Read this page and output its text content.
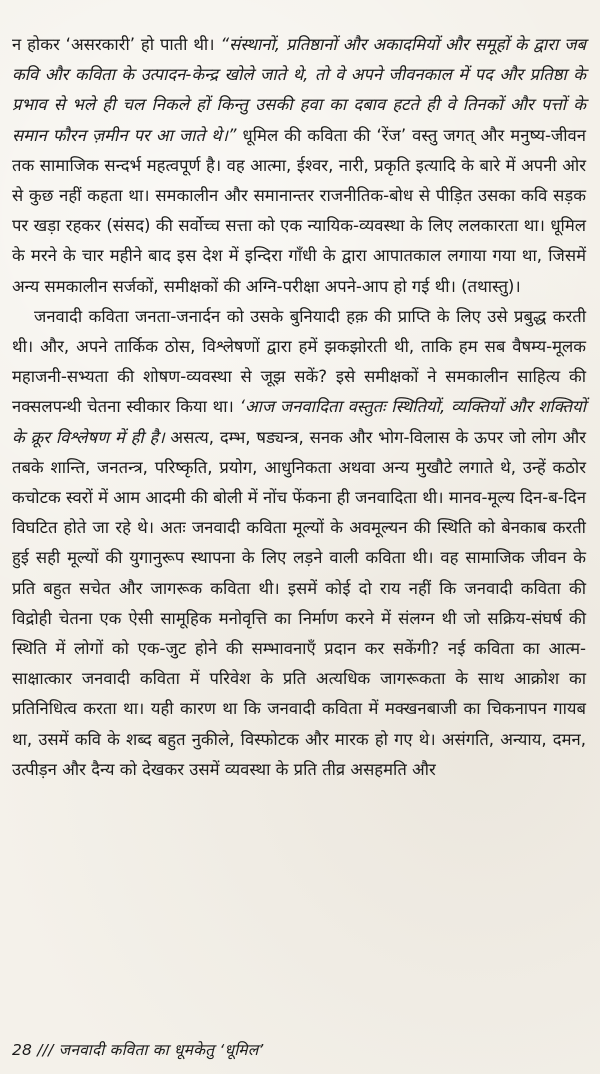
न होकर ‘असरकारी’ हो पाती थी। “संस्थानों, प्रतिष्ठानों और अकादमियों और समूहों के द्वारा जब कवि और कविता के उत्पादन-केन्द्र खोले जाते थे, तो वे अपने जीवनकाल में पद और प्रतिष्ठा के प्रभाव से भले ही चल निकले हों किन्तु उसकी हवा का दबाव हटते ही वे तिनकों और पत्तों के समान फौरन ज़मीन पर आ जाते थे।” धूमिल की कविता की ‘रेंज’ वस्तु जगत् और मनुष्य-जीवन तक सामाजिक सन्दर्भ महत्वपूर्ण है। वह आत्मा, ईश्वर, नारी, प्रकृति इत्यादि के बारे में अपनी ओर से कुछ नहीं कहता था। समकालीन और समानान्तर राजनीतिक-बोध से पीड़ित उसका कवि सड़क पर खड़ा रहकर (संसद) की सर्वोच्च सत्ता को एक न्यायिक-व्यवस्था के लिए ललकारता था। धूमिल के मरने के चार महीने बाद इस देश में इन्दिरा गाँधी के द्वारा आपातकाल लगाया गया था, जिसमें अन्य समकालीन सर्जकों, समीक्षकों की अग्नि-परीक्षा अपने-आप हो गई थी। (तथास्तु)।

जनवादी कविता जनता-जनार्दन को उसके बुनियादी हक़ की प्राप्ति के लिए उसे प्रबुद्ध करती थी। और, अपने तार्किक ठोस, विश्लेषणों द्वारा हमें झकझोरती थी, ताकि हम सब वैषम्य-मूलक महाजनी-सभ्यता की शोषण-व्यवस्था से जूझ सकें? इसे समीक्षकों ने समकालीन साहित्य की नक्सलपन्थी चेतना स्वीकार किया था। ‘आज जनवादिता वस्तुतः स्थितियों, व्यक्तियों और शक्तियों के क्रूर विश्लेषण में ही है। असत्य, दम्भ, षड्यन्त्र, सनक और भोग-विलास के ऊपर जो लोग और तबके शान्ति, जनतन्त्र, परिष्कृति, प्रयोग, आधुनिकता अथवा अन्य मुखौटे लगाते थे, उन्हें कठोर कचोटक स्वरों में आम आदमी की बोली में नोंच फेंकना ही जनवादिता थी। मानव-मूल्य दिन-ब-दिन विघटित होते जा रहे थे। अतः जनवादी कविता मूल्यों के अवमूल्यन की स्थिति को बेनकाब करती हुई सही मूल्यों की युगानुरूप स्थापना के लिए लड़ने वाली कविता थी। वह सामाजिक जीवन के प्रति बहुत सचेत और जागरूक कविता थी। इसमें कोई दो राय नहीं कि जनवादी कविता की विद्रोही चेतना एक ऐसी सामूहिक मनोवृत्ति का निर्माण करने में संलग्न थी जो सक्रिय-संघर्ष की स्थिति में लोगों को एक-जुट होने की सम्भावनाएँ प्रदान कर सकेंगी? नई कविता का आत्म-साक्षात्कार जनवादी कविता में परिवेश के प्रति अत्यधिक जागरूकता के साथ आक्रोश का प्रतिनिधित्व करता था। यही कारण था कि जनवादी कविता में मक्खनबाजी का चिकनापन गायब था, उसमें कवि के शब्द बहुत नुकीले, विस्फोटक और मारक हो गए थे। असंगति, अन्याय, दमन, उत्पीड़न और दैन्य को देखकर उसमें व्यवस्था के प्रति तीव्र असहमति और

28 /// जनवादी कविता का धूमकेतु ‘धूमिल’
